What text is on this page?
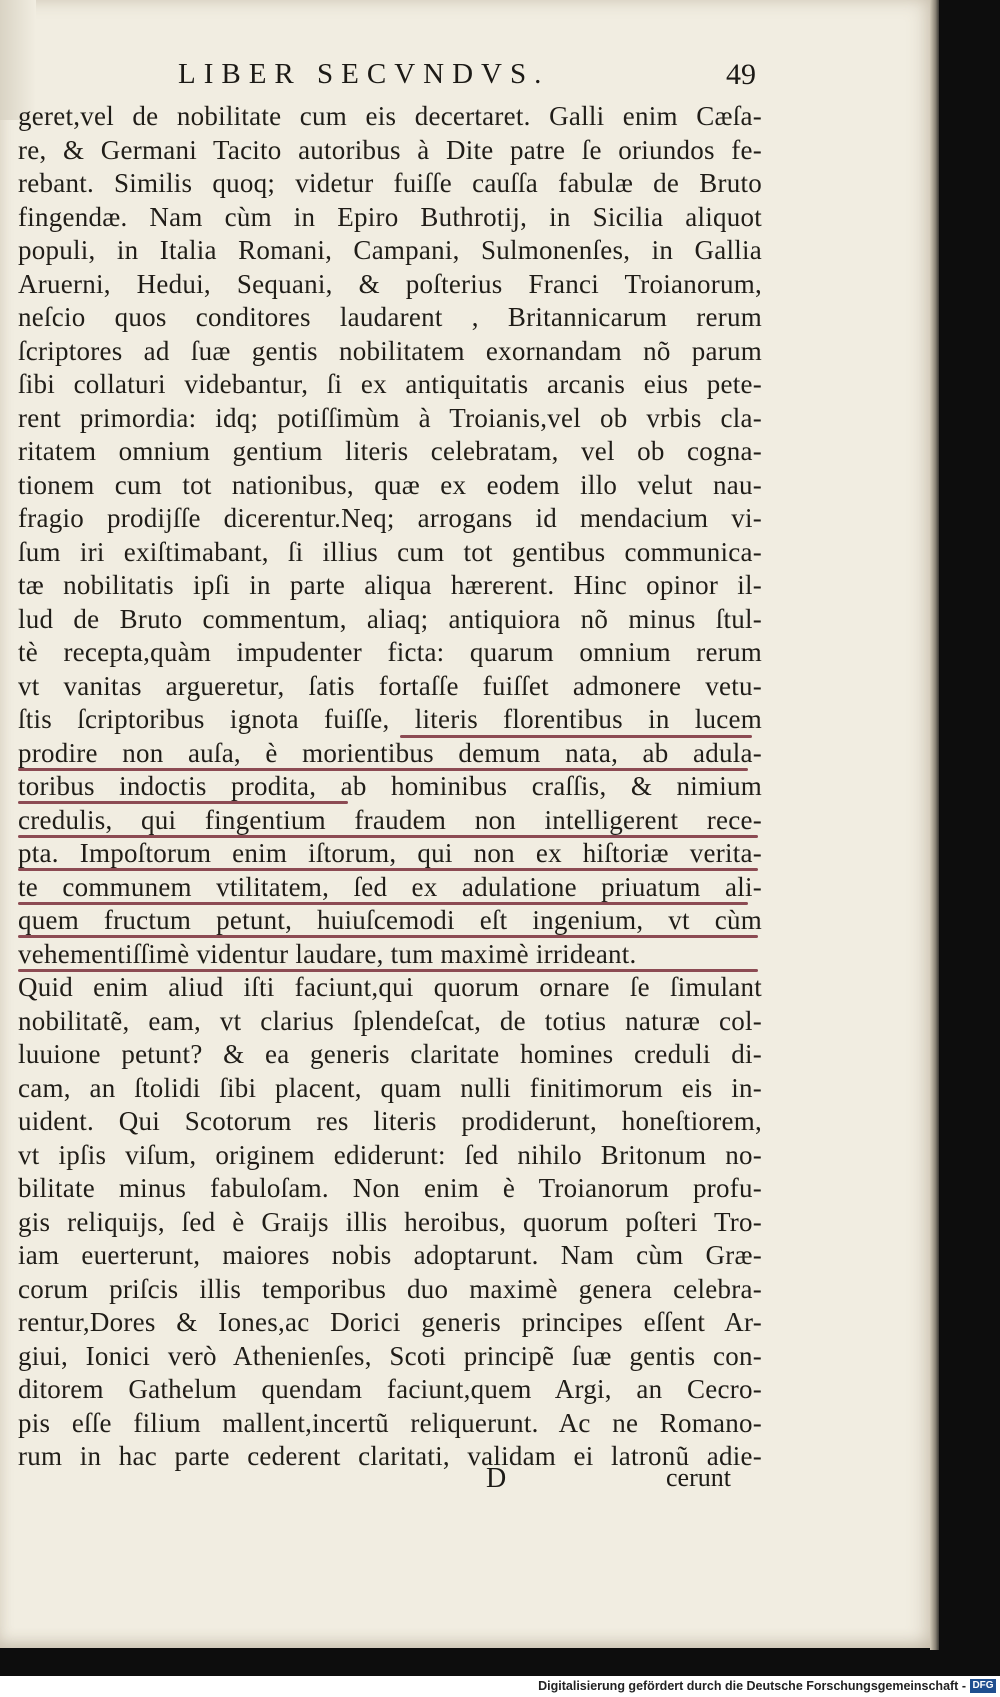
LIBER SECVNDVS.	49
geret,vel de nobilitate cum eis decertaret. Galli enim Cæſa-
re, & Germani Tacito autoribus à Dite patre ſe oriundos fe-
rebant. Similis quoq; videtur fuiſſe cauſſa fabulæ de Bruto
fingendæ. Nam cùm in Epiro Buthrotij, in Sicilia aliquot
populi, in Italia Romani, Campani, Sulmonenſes, in Gallia
Aruerni, Hedui, Sequani, & poſterius Franci Troianorum,
neſcio quos conditores laudarent , Britannicarum rerum
ſcriptores ad ſuæ gentis nobilitatem exornandam nõ parum
ſibi collaturi videbantur, ſi ex antiquitatis arcanis eius pete-
rent primordia: idq; potiſſimùm à Troianis,vel ob vrbis cla-
ritatem omnium gentium literis celebratam, vel ob cogna-
tionem cum tot nationibus, quæ ex eodem illo velut nau-
fragio prodijſſe dicerentur.Neq; arrogans id mendacium vi-
ſum iri exiſtimabant, ſi illius cum tot gentibus communica-
tæ nobilitatis ipſi in parte aliqua hærerent. Hinc opinor il-
lud de Bruto commentum, aliaq; antiquiora nõ minus ſtul-
tè recepta,quàm impudenter ficta: quarum omnium rerum
vt vanitas argueretur, ſatis fortaſſe fuiſſet admonere vetu-
ſtis ſcriptoribus ignota fuiſſe, literis florentibus in lucem
prodire non auſa, è morientibus demum nata, ab adula-
toribus indoctis prodita, ab hominibus craſſis, & nimium
credulis, qui fingentium fraudem non intelligerent rece-
pta. Impoſtorum enim iſtorum, qui non ex hiſtoriæ verita-
te communem vtilitatem, ſed ex adulatione priuatum ali-
quem fructum petunt, huiuſcemodi eſt ingenium, vt cùm
vehementiſſimè videntur laudare, tum maximè irrideant.
Quid enim aliud iſti faciunt,qui quorum ornare ſe ſimulant
nobilitatẽ, eam, vt clarius ſplendeſcat, de totius naturæ col-
luuione petunt? & ea generis claritate homines creduli di-
cam, an ſtolidi ſibi placent, quam nulli finitimorum eis in-
uident. Qui Scotorum res literis prodiderunt, honeſtiorem,
vt ipſis viſum, originem ediderunt: ſed nihilo Britonum no-
bilitate minus fabuloſam. Non enim è Troianorum profu-
gis reliquijs, ſed è Graijs illis heroibus, quorum poſteri Tro-
iam euerterunt, maiores nobis adoptarunt. Nam cùm Græ-
corum priſcis illis temporibus duo maximè genera celebra-
rentur,Dores & Iones,ac Dorici generis principes eſſent Ar-
giui, Ionici verò Athenienſes, Scoti principẽ ſuæ gentis con-
ditorem Gathelum quendam faciunt,quem Argi, an Cecro-
pis eſſe filium mallent,incertũ reliquerunt. Ac ne Romano-
rum in hac parte cederent claritati, validam ei latronũ adie-
D	cerunt
Digitalisierung gefördert durch die Deutsche Forschungsgemeinschaft - DFG
